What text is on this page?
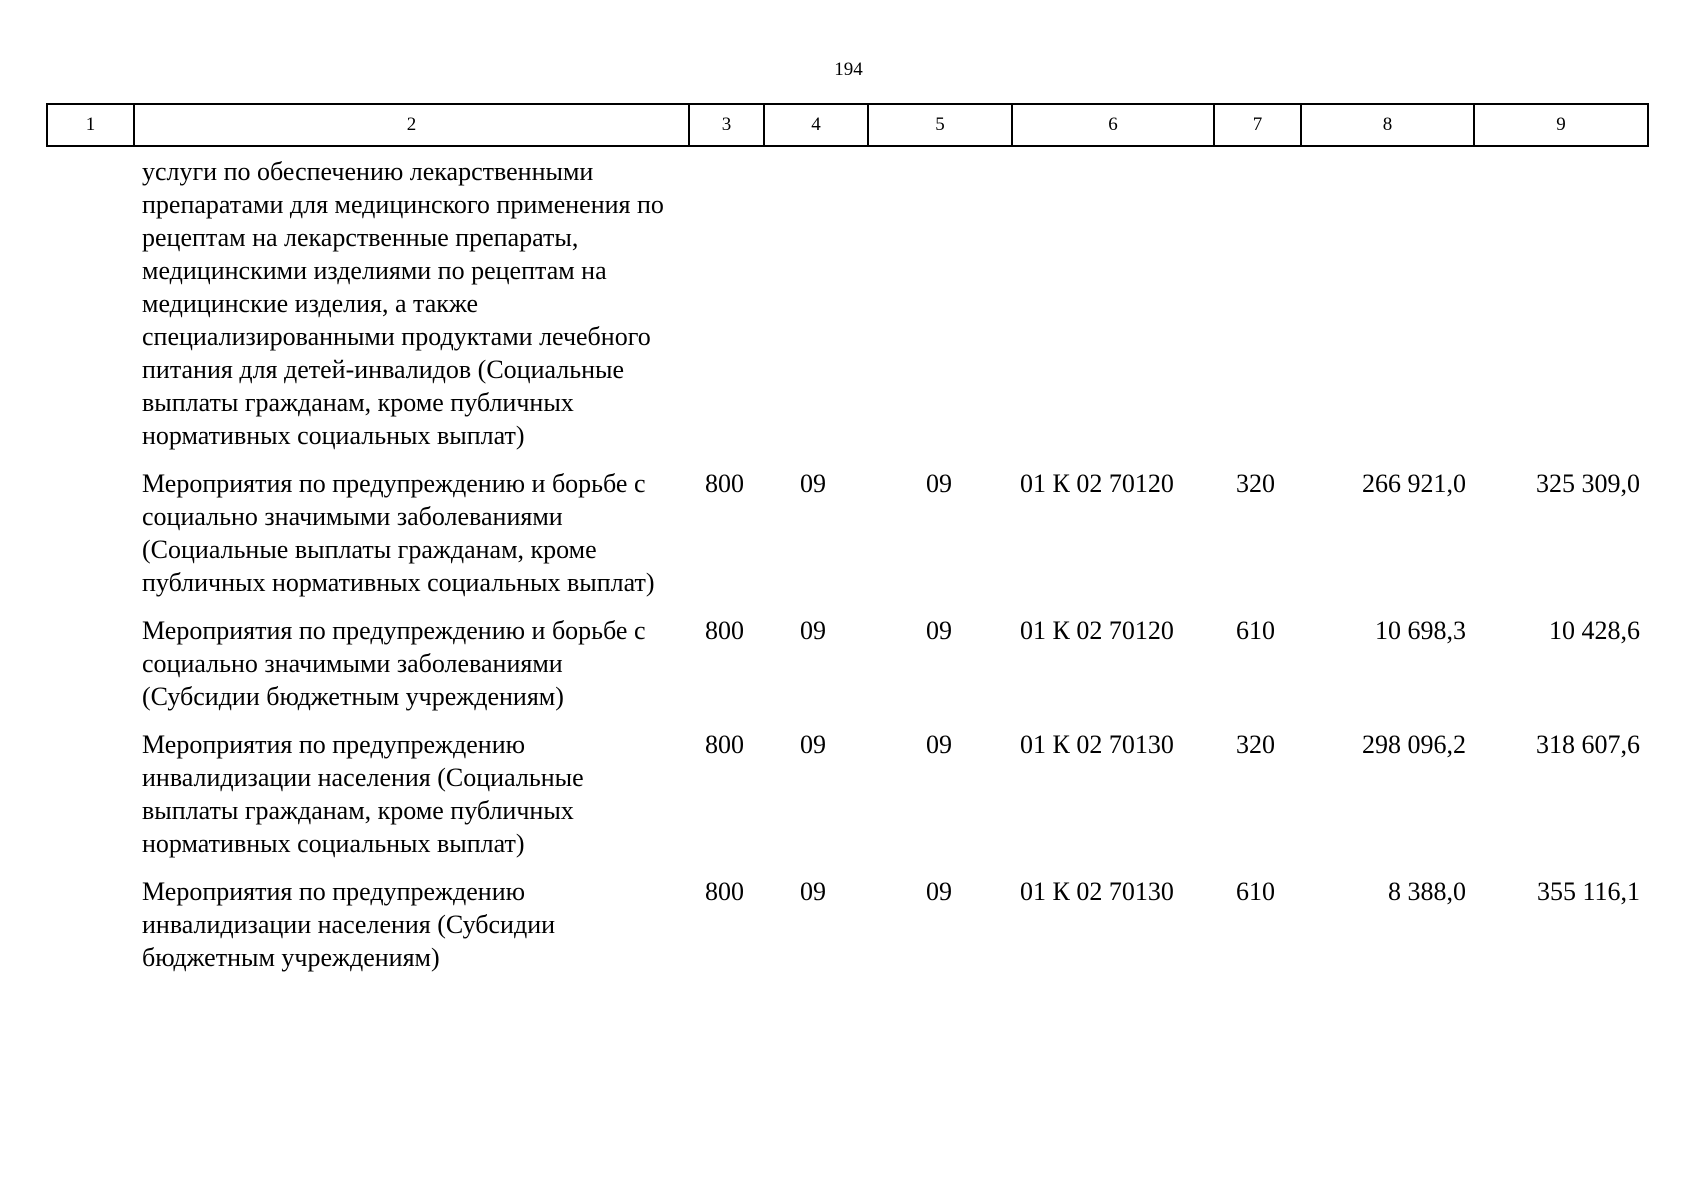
194
1	2	3	4	5	6	7	8	9
	услуги по обеспечению лекарственными препаратами для медицинского применения по рецептам на лекарственные препараты, медицинскими изделиями по рецептам на медицинские изделия, а также специализированными продуктами лечебного питания для детей-инвалидов (Социальные выплаты гражданам, кроме публичных нормативных социальных выплат)							
	Мероприятия по предупреждению и борьбе с социально значимыми заболеваниями (Социальные выплаты гражданам, кроме публичных нормативных социальных выплат)	800	09	09	01 К 02 70120	320	266 921,0	325 309,0
	Мероприятия по предупреждению и борьбе с социально значимыми заболеваниями (Субсидии бюджетным учреждениям)	800	09	09	01 К 02 70120	610	10 698,3	10 428,6
	Мероприятия по предупреждению инвалидизации населения (Социальные выплаты гражданам, кроме публичных нормативных социальных выплат)	800	09	09	01 К 02 70130	320	298 096,2	318 607,6
	Мероприятия по предупреждению инвалидизации населения (Субсидии бюджетным учреждениям)	800	09	09	01 К 02 70130	610	8 388,0	355 116,1
